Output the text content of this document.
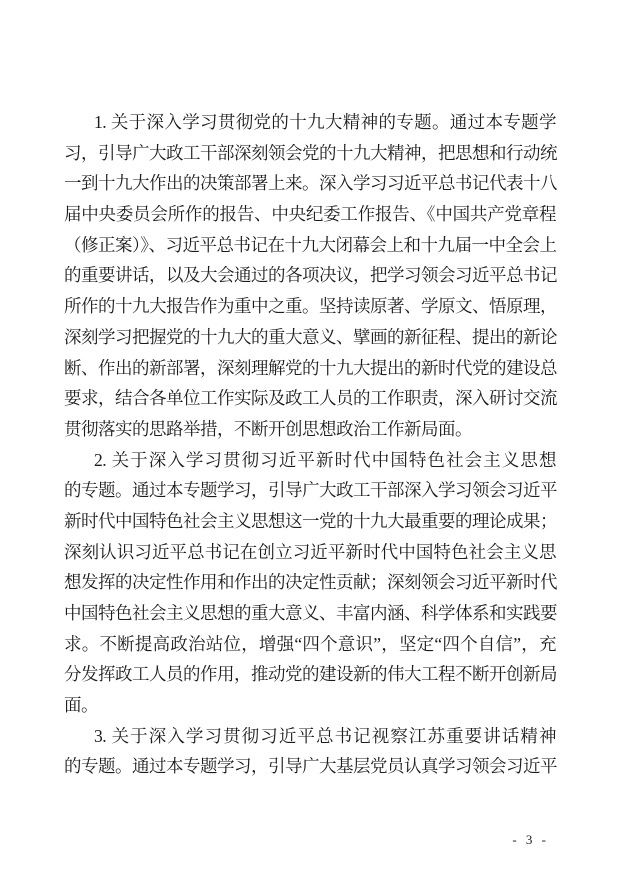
1. 关于深入学习贯彻党的十九大精神的专题。通过本专题学
习，引导广大政工干部深刻领会党的十九大精神，把思想和行动统
一到十九大作出的决策部署上来。深入学习习近平总书记代表十八
届中央委员会所作的报告、中央纪委工作报告、《中国共产党章程
（修正案）》、习近平总书记在十九大闭幕会上和十九届一中全会上
的重要讲话，以及大会通过的各项决议，把学习领会习近平总书记
所作的十九大报告作为重中之重。坚持读原著、学原文、悟原理，
深刻学习把握党的十九大的重大意义、擘画的新征程、提出的新论
断、作出的新部署，深刻理解党的十九大提出的新时代党的建设总
要求，结合各单位工作实际及政工人员的工作职责，深入研讨交流
贯彻落实的思路举措，不断开创思想政治工作新局面。
2. 关于深入学习贯彻习近平新时代中国特色社会主义思想
的专题。通过本专题学习，引导广大政工干部深入学习领会习近平
新时代中国特色社会主义思想这一党的十九大最重要的理论成果；
深刻认识习近平总书记在创立习近平新时代中国特色社会主义思
想发挥的决定性作用和作出的决定性贡献；深刻领会习近平新时代
中国特色社会主义思想的重大意义、丰富内涵、科学体系和实践要
求。不断提高政治站位，增强“四个意识”，坚定“四个自信”，充
分发挥政工人员的作用，推动党的建设新的伟大工程不断开创新局
面。
3. 关于深入学习贯彻习近平总书记视察江苏重要讲话精神
的专题。通过本专题学习，引导广大基层党员认真学习领会习近平
- 3 -
